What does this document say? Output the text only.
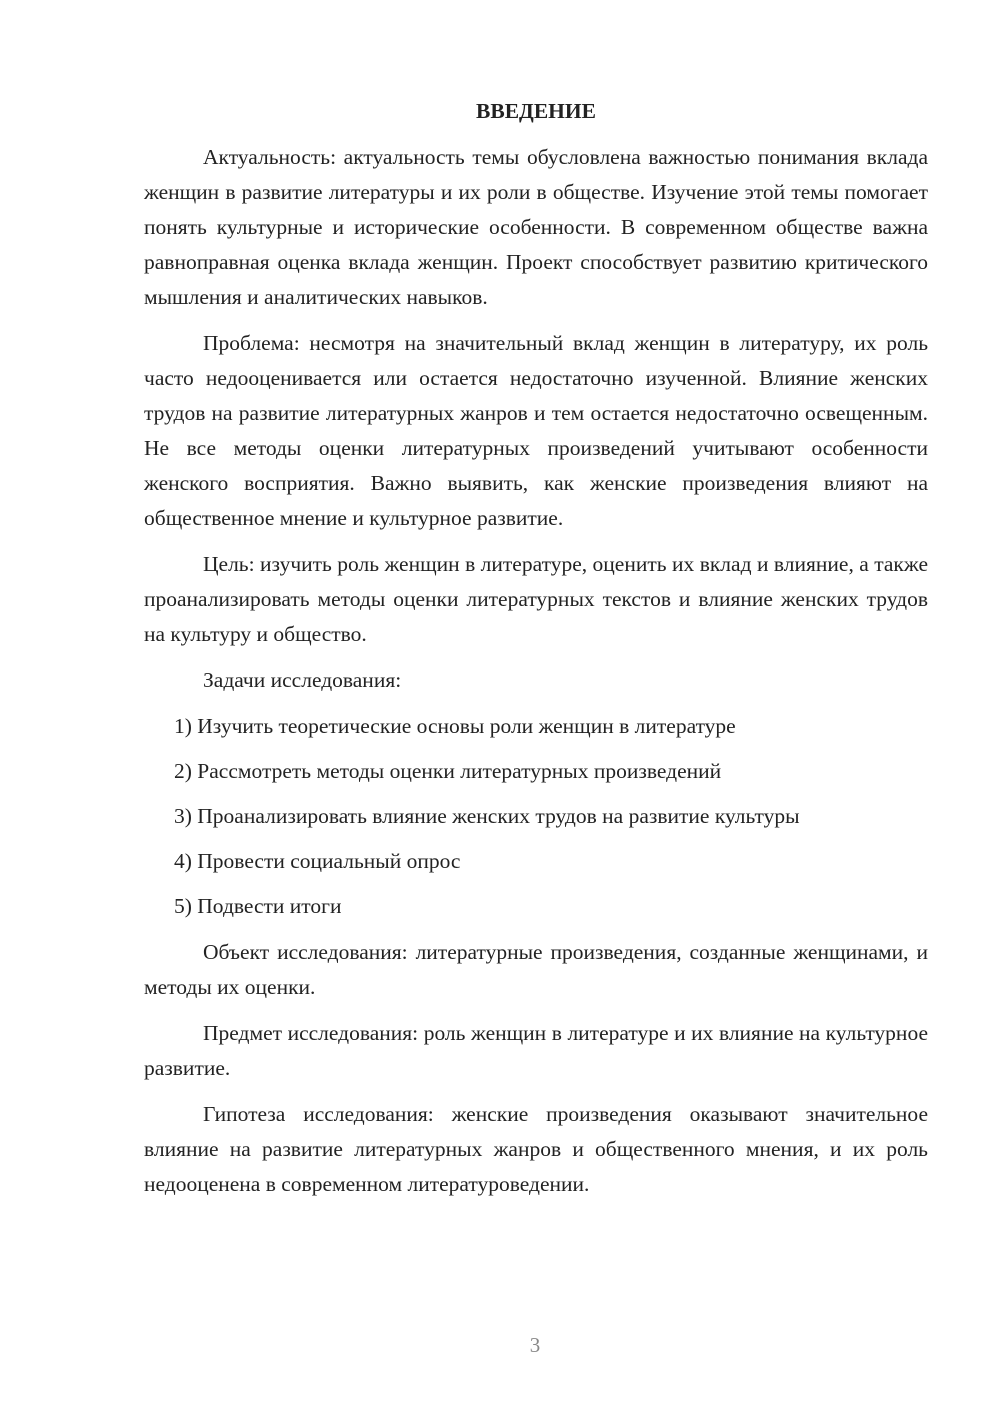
ВВЕДЕНИЕ

Актуальность: актуальность темы обусловлена важностью понимания вклада женщин в развитие литературы и их роли в обществе. Изучение этой темы помогает понять культурные и исторические особенности. В современном обществе важна равноправная оценка вклада женщин. Проект способствует развитию критического мышления и аналитических навыков.

Проблема: несмотря на значительный вклад женщин в литературу, их роль часто недооценивается или остается недостаточно изученной. Влияние женских трудов на развитие литературных жанров и тем остается недостаточно освещенным. Не все методы оценки литературных произведений учитывают особенности женского восприятия. Важно выявить, как женские произведения влияют на общественное мнение и культурное развитие.

Цель: изучить роль женщин в литературе, оценить их вклад и влияние, а также проанализировать методы оценки литературных текстов и влияние женских трудов на культуру и общество.

Задачи исследования:

1) Изучить теоретические основы роли женщин в литературе
2) Рассмотреть методы оценки литературных произведений
3) Проанализировать влияние женских трудов на развитие культуры
4) Провести социальный опрос
5) Подвести итоги

Объект исследования: литературные произведения, созданные женщинами, и методы их оценки.

Предмет исследования: роль женщин в литературе и их влияние на культурное развитие.

Гипотеза исследования: женские произведения оказывают значительное влияние на развитие литературных жанров и общественного мнения, и их роль недооценена в современном литературоведении.

3
